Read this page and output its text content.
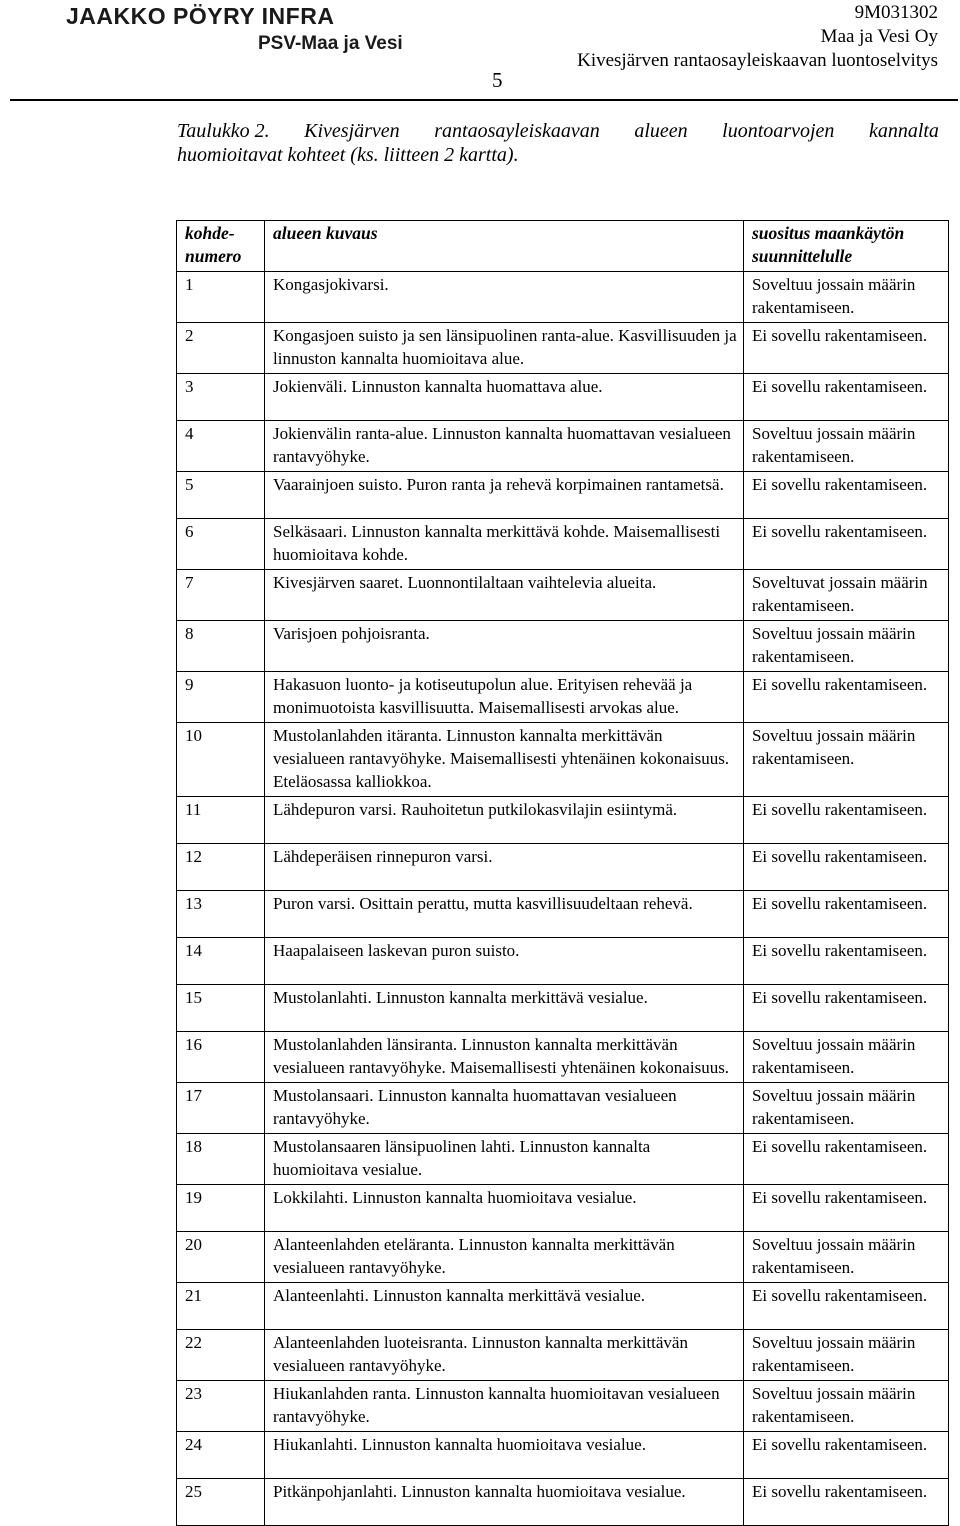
JAAKKO PÖYRY INFRA
PSV-Maa ja Vesi
9M031302
Maa ja Vesi Oy
Kivesjärven rantaosayleiskaavan luontoselvitys
5
Taulukko 2. Kivesjärven rantaosayleiskaavan alueen luontoarvojen kannalta
huomioitavat kohteet (ks. liitteen 2 kartta).
kohde-numero	alueen kuvaus	suositus maankäytön suunnittelulle
1	Kongasjokivarsi.	Soveltuu jossain määrin rakentamiseen.
2	Kongasjoen suisto ja sen länsipuolinen ranta-alue. Kasvillisuuden ja linnuston kannalta huomioitava alue.	Ei sovellu rakentamiseen.
3	Jokienväli. Linnuston kannalta huomattava alue.	Ei sovellu rakentamiseen.
4	Jokienvälin ranta-alue. Linnuston kannalta huomattavan vesialueen rantavyöhyke.	Soveltuu jossain määrin rakentamiseen.
5	Vaarainjoen suisto. Puron ranta ja rehevä korpimainen rantametsä.	Ei sovellu rakentamiseen.
6	Selkäsaari. Linnuston kannalta merkittävä kohde. Maisemallisesti huomioitava kohde.	Ei sovellu rakentamiseen.
7	Kivesjärven saaret. Luonnontilaltaan vaihtelevia alueita.	Soveltuvat jossain määrin rakentamiseen.
8	Varisjoen pohjoisranta.	Soveltuu jossain määrin rakentamiseen.
9	Hakasuon luonto- ja kotiseutupolun alue. Erityisen rehevää ja monimuotoista kasvillisuutta. Maisemallisesti arvokas alue.	Ei sovellu rakentamiseen.
10	Mustolanlahden itäranta. Linnuston kannalta merkittävän vesialueen rantavyöhyke. Maisemallisesti yhtenäinen kokonaisuus. Eteläosassa kalliokkoa.	Soveltuu jossain määrin rakentamiseen.
11	Lähdepuron varsi. Rauhoitetun putkilokasvilajin esiintymä.	Ei sovellu rakentamiseen.
12	Lähdeperäisen rinnepuron varsi.	Ei sovellu rakentamiseen.
13	Puron varsi. Osittain perattu, mutta kasvillisuudeltaan rehevä.	Ei sovellu rakentamiseen.
14	Haapalaiseen laskevan puron suisto.	Ei sovellu rakentamiseen.
15	Mustolanlahti. Linnuston kannalta merkittävä vesialue.	Ei sovellu rakentamiseen.
16	Mustolanlahden länsiranta. Linnuston kannalta merkittävän vesialueen rantavyöhyke. Maisemallisesti yhtenäinen kokonaisuus.	Soveltuu jossain määrin rakentamiseen.
17	Mustolansaari. Linnuston kannalta huomattavan vesialueen rantavyöhyke.	Soveltuu jossain määrin rakentamiseen.
18	Mustolansaaren länsipuolinen lahti. Linnuston kannalta huomioitava vesialue.	Ei sovellu rakentamiseen.
19	Lokkilahti. Linnuston kannalta huomioitava vesialue.	Ei sovellu rakentamiseen.
20	Alanteenlahden eteläranta. Linnuston kannalta merkittävän vesialueen rantavyöhyke.	Soveltuu jossain määrin rakentamiseen.
21	Alanteenlahti. Linnuston kannalta merkittävä vesialue.	Ei sovellu rakentamiseen.
22	Alanteenlahden luoteisranta. Linnuston kannalta merkittävän vesialueen rantavyöhyke.	Soveltuu jossain määrin rakentamiseen.
23	Hiukanlahden ranta. Linnuston kannalta huomioitavan vesialueen rantavyöhyke.	Soveltuu jossain määrin rakentamiseen.
24	Hiukanlahti. Linnuston kannalta huomioitava vesialue.	Ei sovellu rakentamiseen.
25	Pitkänpohjanlahti. Linnuston kannalta huomioitava vesialue.	Ei sovellu rakentamiseen.
